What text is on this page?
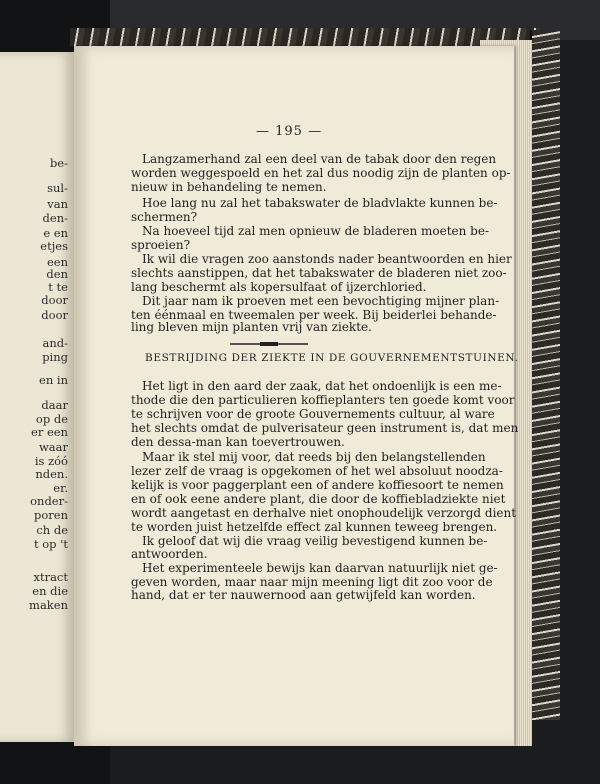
be-
sul-
van
den-
e en
etjes
een
den
t te
door
door
and-
ping
en in
daar
op de
er een
waar
is zóó
nden.
er.
onder-
poren
ch de
t op 't
xtract
en die
maken
— 195 —
Langzamerhand zal een deel van de tabak door den regen
worden weggespoeld en het zal dus noodig zijn de planten op-
nieuw in behandeling te nemen.
Hoe lang nu zal het tabakswater de bladvlakte kunnen be-
schermen?
Na hoeveel tijd zal men opnieuw de bladeren moeten be-
sproeien?
Ik wil die vragen zoo aanstonds nader beantwoorden en hier
slechts aanstippen, dat het tabakswater de bladeren niet zoo-
lang beschermt als kopersulfaat of ijzerchloried.
Dit jaar nam ik proeven met een bevochtiging mijner plan-
ten éénmaal en tweemalen per week. Bij beiderlei behande-
ling bleven mijn planten vrij van ziekte.
BESTRIJDING DER ZIEKTE IN DE GOUVERNEMENTSTUINEN.
Het ligt in den aard der zaak, dat het ondoenlijk is een me-
thode die den particulieren koffieplanters ten goede komt voor
te schrijven voor de groote Gouvernements cultuur, al ware
het slechts omdat de pulverisateur geen instrument is, dat men
den dessa-man kan toevertrouwen.
Maar ik stel mij voor, dat reeds bij den belangstellenden
lezer zelf de vraag is opgekomen of het wel absoluut noodza-
kelijk is voor paggerplant een of andere koffiesoort te nemen
en of ook eene andere plant, die door de koffiebladziekte niet
wordt aangetast en derhalve niet onophoudelijk verzorgd dient
te worden juist hetzelfde effect zal kunnen teweeg brengen.
Ik geloof dat wij die vraag veilig bevestigend kunnen be-
antwoorden.
Het experimenteele bewijs kan daarvan natuurlijk niet ge-
geven worden, maar naar mijn meening ligt dit zoo voor de
hand, dat er ter nauwernood aan getwijfeld kan worden.
